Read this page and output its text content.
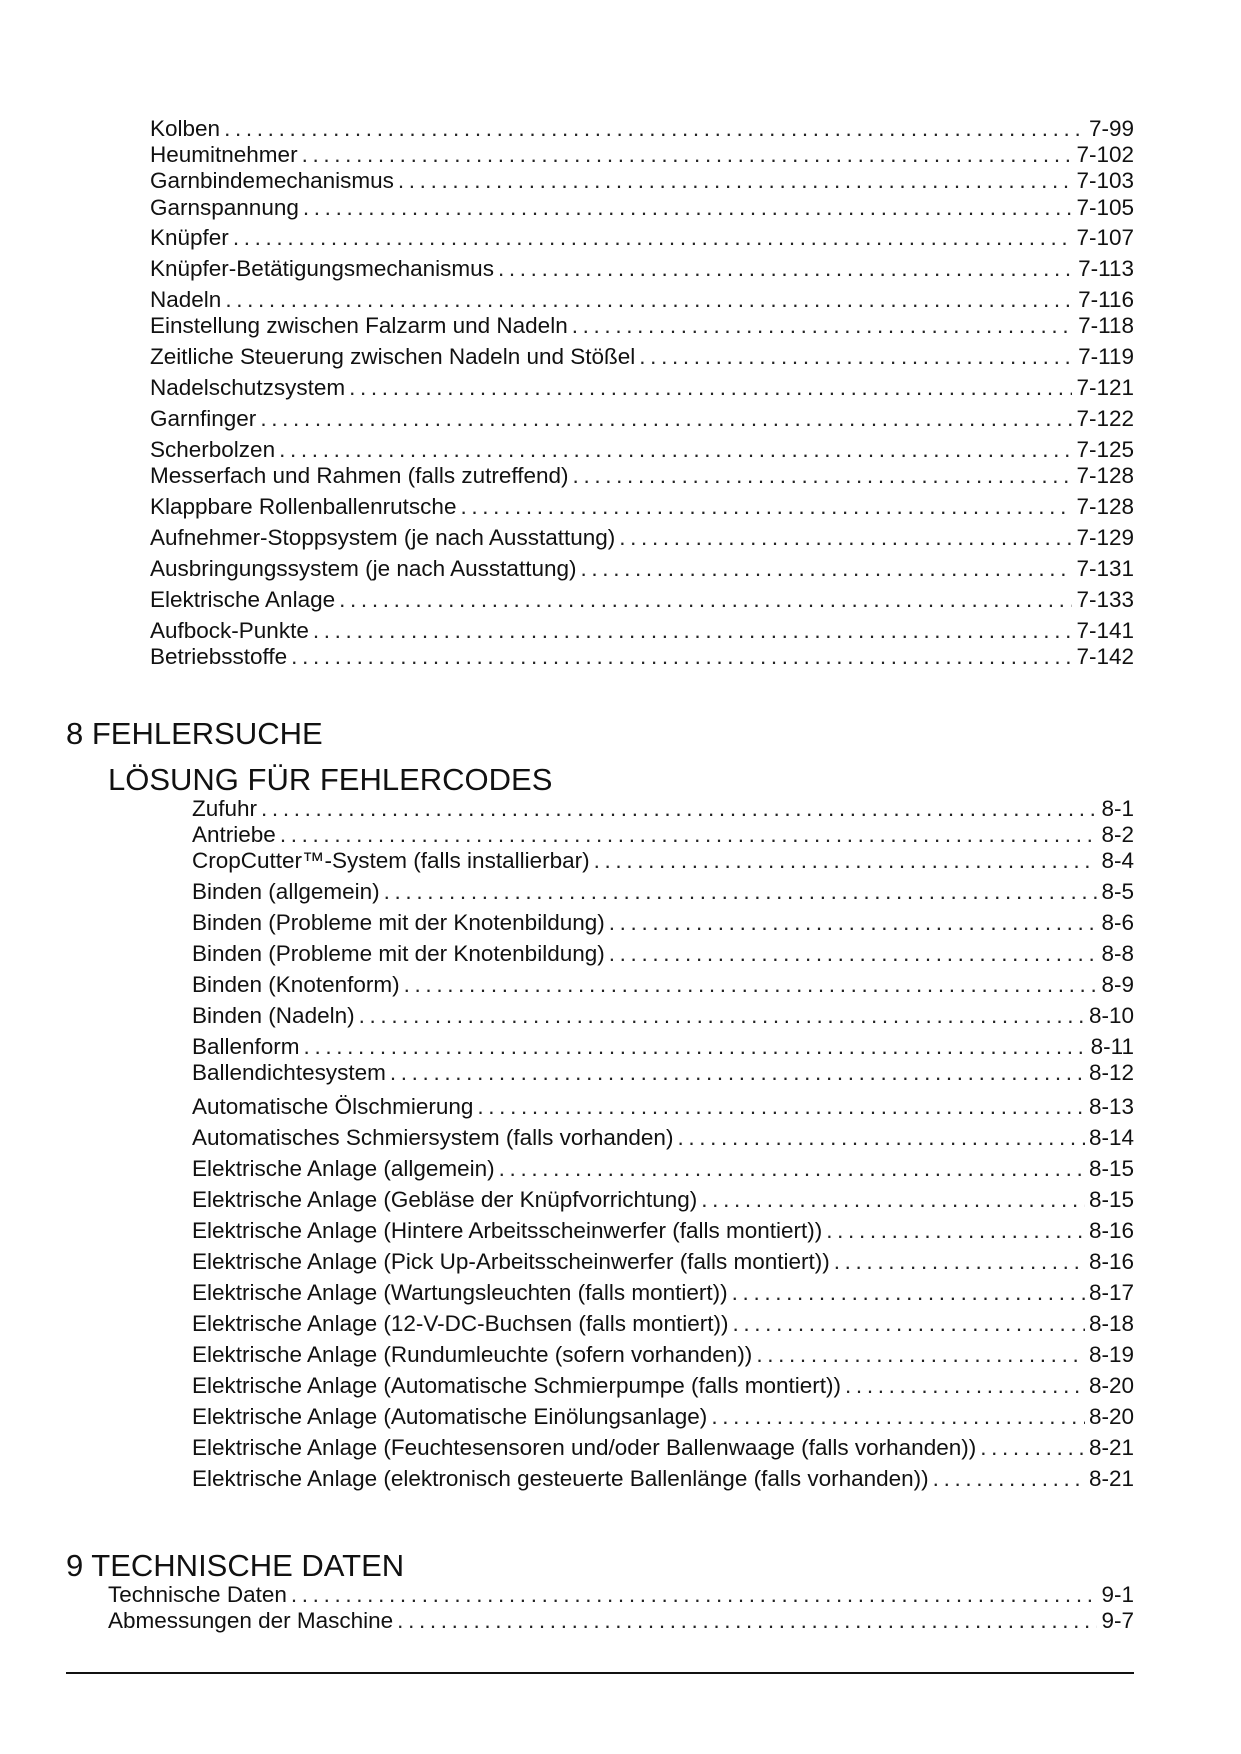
Kolben . . .	7-99
Heumitnehmer . . .	7-102
Garnbindemechanismus . . .	7-103
Garnspannung . . .	7-105
Knüpfer . . .	7-107
Knüpfer-Betätigungsmechanismus . . .	7-113
Nadeln . . .	7-116
Einstellung zwischen Falzarm und Nadeln . . .	7-118
Zeitliche Steuerung zwischen Nadeln und Stößel . . .	7-119
Nadelschutzsystem . . .	7-121
Garnfinger . . .	7-122
Scherbolzen . . .	7-125
Messerfach und Rahmen (falls zutreffend) . . .	7-128
Klappbare Rollenballenrutsche . . .	7-128
Aufnehmer-Stoppsystem (je nach Ausstattung) . . .	7-129
Ausbringungssystem (je nach Ausstattung) . . .	7-131
Elektrische Anlage . . .	7-133
Aufbock-Punkte . . .	7-141
Betriebsstoffe . . .	7-142
8 FEHLERSUCHE
LÖSUNG FÜR FEHLERCODES
Zufuhr . . .	8-1
Antriebe . . .	8-2
CropCutter™-System (falls installierbar) . . .	8-4
Binden (allgemein) . . .	8-5
Binden (Probleme mit der Knotenbildung) . . .	8-6
Binden (Probleme mit der Knotenbildung) . . .	8-8
Binden (Knotenform) . . .	8-9
Binden (Nadeln) . . .	8-10
Ballenform . . .	8-11
Ballendichtesystem . . .	8-12
Automatische Ölschmierung . . .	8-13
Automatisches Schmiersystem (falls vorhanden) . . .	8-14
Elektrische Anlage (allgemein) . . .	8-15
Elektrische Anlage (Gebläse der Knüpfvorrichtung) . . .	8-15
Elektrische Anlage (Hintere Arbeitsscheinwerfer (falls montiert)) . . .	8-16
Elektrische Anlage (Pick Up-Arbeitsscheinwerfer (falls montiert)) . . .	8-16
Elektrische Anlage (Wartungsleuchten (falls montiert)) . . .	8-17
Elektrische Anlage (12-V-DC-Buchsen (falls montiert)) . . .	8-18
Elektrische Anlage (Rundumleuchte (sofern vorhanden)) . . .	8-19
Elektrische Anlage (Automatische Schmierpumpe (falls montiert)) . . .	8-20
Elektrische Anlage (Automatische Einölungsanlage) . . .	8-20
Elektrische Anlage (Feuchtesensoren und/oder Ballenwaage (falls vorhanden)) . . .	8-21
Elektrische Anlage (elektronisch gesteuerte Ballenlänge (falls vorhanden)) . . .	8-21
9 TECHNISCHE DATEN
Technische Daten . . .	9-1
Abmessungen der Maschine . . .	9-7
